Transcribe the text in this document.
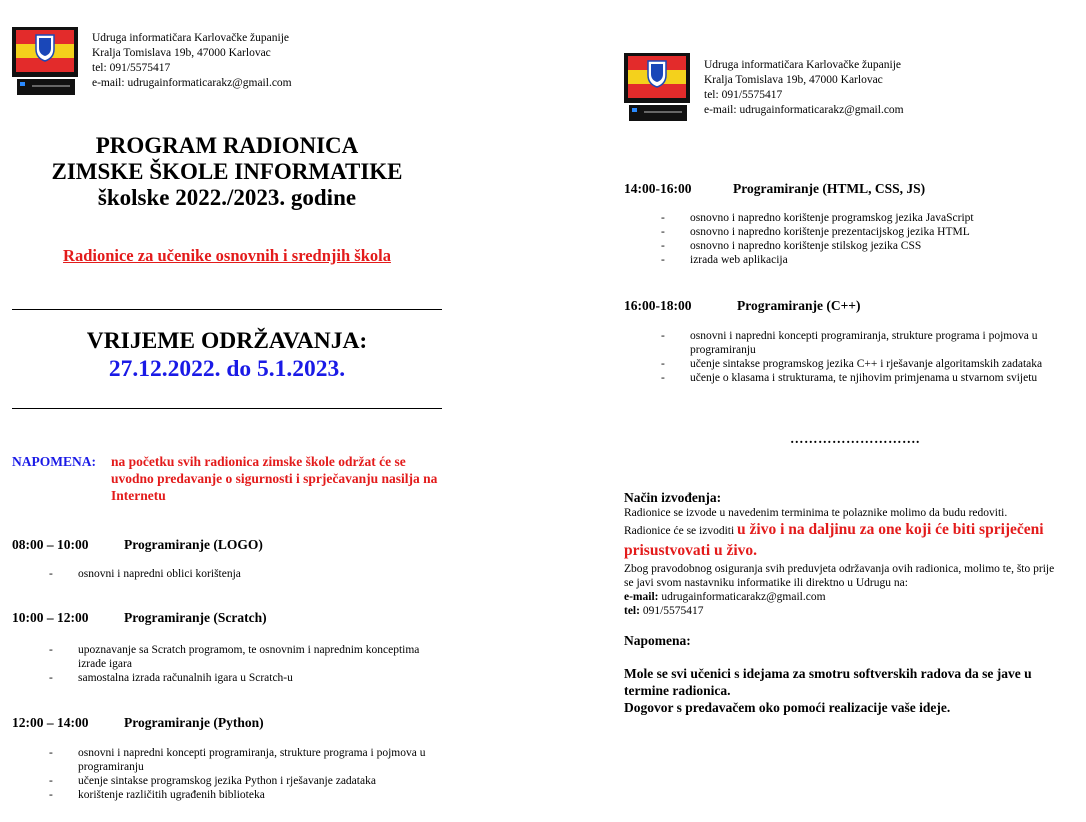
Udruga informatičara Karlovačke županije
Kralja Tomislava 19b, 47000 Karlovac
tel: 091/5575417
e-mail: udrugainformaticarakz@gmail.com
PROGRAM RADIONICA
ZIMSKE ŠKOLE INFORMATIKE
školske 2022./2023. godine
Radionice za učenike osnovnih i srednjih škola
VRIJEME ODRŽAVANJA:
27.12.2022. do 5.1.2023.
NAPOMENA: na početku svih radionica zimske škole održat će se uvodno predavanje o sigurnosti i sprječavanju nasilja na Internetu
08:00 – 10:00	Programiranje (LOGO)
- osnovni i napredni oblici korištenja
10:00 – 12:00	Programiranje (Scratch)
- upoznavanje sa Scratch programom, te osnovnim i naprednim konceptima izrade igara
- samostalna izrada računalnih igara u Scratch-u
12:00 – 14:00	Programiranje (Python)
- osnovni i napredni koncepti programiranja, strukture programa i pojmova u programiranju
- učenje sintakse programskog jezika Python i rješavanje zadataka
- korištenje različitih ugrađenih biblioteka
Udruga informatičara Karlovačke županije
Kralja Tomislava 19b, 47000 Karlovac
tel: 091/5575417
e-mail: udrugainformaticarakz@gmail.com
14:00-16:00	Programiranje (HTML, CSS, JS)
- osnovno i napredno korištenje programskog jezika JavaScript
- osnovno i napredno korištenje prezentacijskog jezika HTML
- osnovno i napredno korištenje stilskog jezika CSS
- izrada web aplikacija
16:00-18:00	Programiranje (C++)
- osnovni i napredni koncepti programiranja, strukture programa i pojmova u programiranju
- učenje sintakse programskog jezika C++ i rješavanje algoritamskih zadataka
- učenje o klasama i strukturama, te njihovim primjenama u stvarnom svijetu
……………………….
Način izvođenja:
Radionice se izvode u navedenim terminima te polaznike molimo da budu redoviti.
Radionice će se izvoditi u živo i na daljinu za one koji će biti spriječeni prisustvovati u živo.
Zbog pravodobnog osiguranja svih preduvjeta održavanja ovih radionica, molimo te, što prije se javi svom nastavniku informatike ili direktno u Udrugu na:
e-mail: udrugainformaticarakz@gmail.com
tel: 091/5575417
Napomena:
Mole se svi učenici s idejama za smotru softverskih radova da se jave u termine radionica.
Dogovor s predavačem oko pomoći realizacije vaše ideje.
